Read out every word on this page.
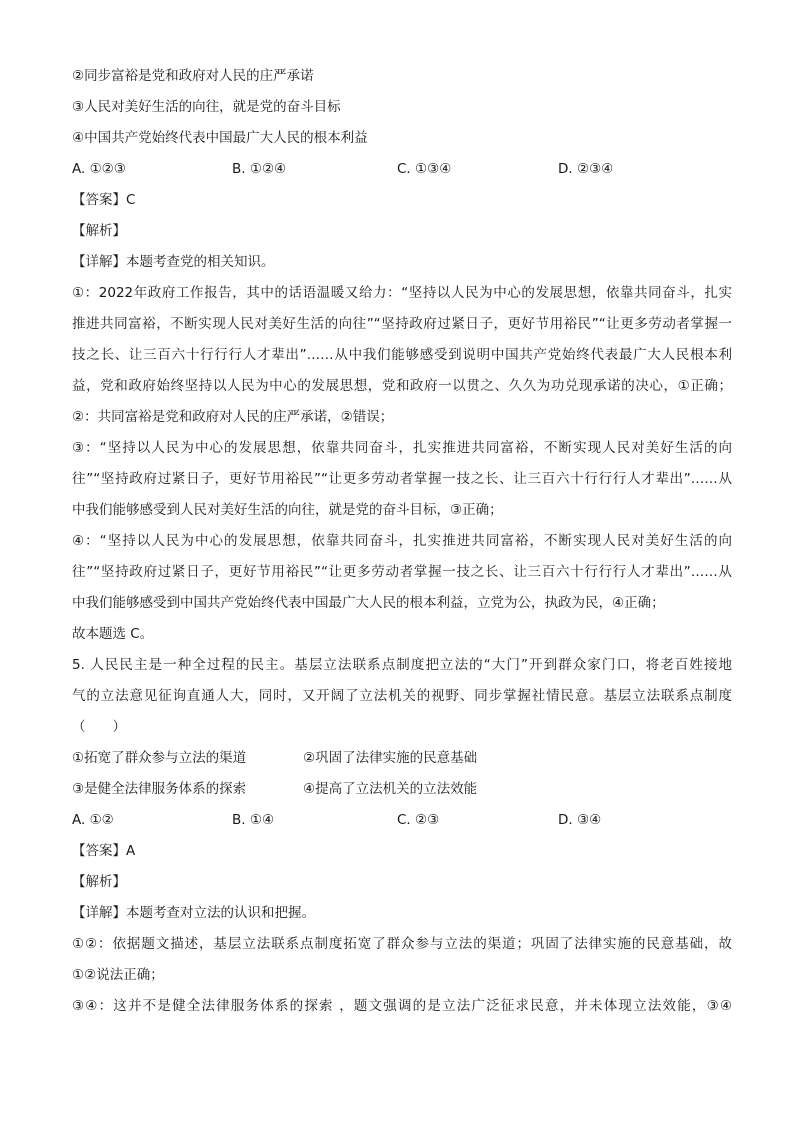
②同步富裕是党和政府对人民的庄严承诺
③人民对美好生活的向往，就是党的奋斗目标
④中国共产党始终代表中国最广大人民的根本利益
A. ①②③	B. ①②④	C. ①③④	D. ②③④
【答案】C
【解析】
【详解】本题考查党的相关知识。
①：2022年政府工作报告，其中的话语温暖又给力：“坚持以人民为中心的发展思想，依靠共同奋斗，扎实
推进共同富裕，不断实现人民对美好生活的向往”“坚持政府过紧日子，更好节用裕民”“让更多劳动者掌握一
技之长、让三百六十行行行人才辈出”……从中我们能够感受到说明中国共产党始终代表最广大人民根本利
益，党和政府始终坚持以人民为中心的发展思想，党和政府一以贯之、久久为功兑现承诺的决心，①正确；
②：共同富裕是党和政府对人民的庄严承诺，②错误；
③：“坚持以人民为中心的发展思想，依靠共同奋斗，扎实推进共同富裕，不断实现人民对美好生活的向
往”“坚持政府过紧日子，更好节用裕民”“让更多劳动者掌握一技之长、让三百六十行行行人才辈出”……从
中我们能够感受到人民对美好生活的向往，就是党的奋斗目标，③正确；
④：“坚持以人民为中心的发展思想，依靠共同奋斗，扎实推进共同富裕，不断实现人民对美好生活的向
往”“坚持政府过紧日子，更好节用裕民”“让更多劳动者掌握一技之长、让三百六十行行行人才辈出”……从
中我们能够感受到中国共产党始终代表中国最广大人民的根本利益，立党为公，执政为民，④正确；
故本题选 C。
5. 人民民主是一种全过程的民主。基层立法联系点制度把立法的“大门”开到群众家门口，将老百姓接地
气的立法意见征询直通人大，同时，又开阔了立法机关的视野、同步掌握社情民意。基层立法联系点制度
（　　）
①拓宽了群众参与立法的渠道	②巩固了法律实施的民意基础
③是健全法律服务体系的探索	④提高了立法机关的立法效能
A. ①②	B. ①④	C. ②③	D. ③④
【答案】A
【解析】
【详解】本题考查对立法的认识和把握。
①②：依据题文描述，基层立法联系点制度拓宽了群众参与立法的渠道；巩固了法律实施的民意基础，故
①②说法正确；
③④：这并不是健全法律服务体系的探索 ，题文强调的是立法广泛征求民意，并未体现立法效能，③④
